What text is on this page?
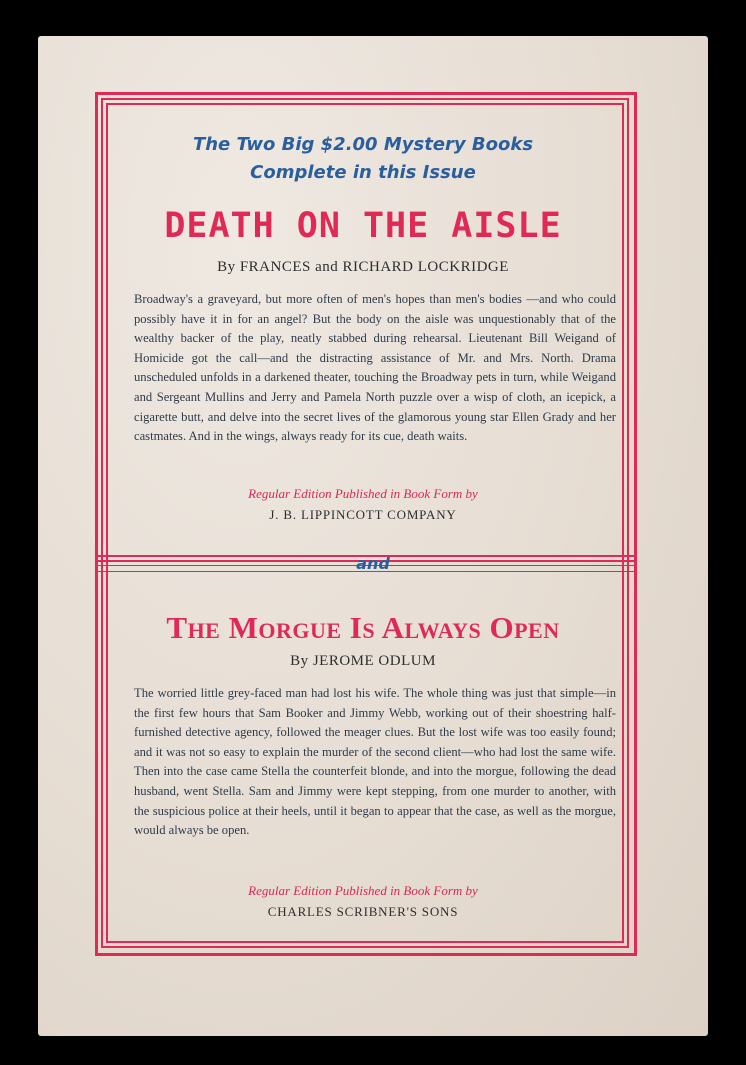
The Two Big $2.00 Mystery Books
Complete in this Issue
DEATH ON THE AISLE
By FRANCES and RICHARD LOCKRIDGE
Broadway's a graveyard, but more often of men's hopes than men's bodies —and who could possibly have it in for an angel? But the body on the aisle was unquestionably that of the wealthy backer of the play, neatly stabbed during rehearsal. Lieutenant Bill Weigand of Homicide got the call—and the distracting assistance of Mr. and Mrs. North. Drama unscheduled unfolds in a darkened theater, touching the Broadway pets in turn, while Weigand and Sergeant Mullins and Jerry and Pamela North puzzle over a wisp of cloth, an icepick, a cigarette butt, and delve into the secret lives of the glamorous young star Ellen Grady and her castmates. And in the wings, always ready for its cue, death waits.
Regular Edition Published in Book Form by
J. B. LIPPINCOTT COMPANY
and
The Morgue Is Always Open
By JEROME ODLUM
The worried little grey-faced man had lost his wife. The whole thing was just that simple—in the first few hours that Sam Booker and Jimmy Webb, working out of their shoestring half-furnished detective agency, followed the meager clues. But the lost wife was too easily found; and it was not so easy to explain the murder of the second client—who had lost the same wife. Then into the case came Stella the counterfeit blonde, and into the morgue, following the dead husband, went Stella. Sam and Jimmy were kept stepping, from one murder to another, with the suspicious police at their heels, until it began to appear that the case, as well as the morgue, would always be open.
Regular Edition Published in Book Form by
CHARLES SCRIBNER'S SONS
